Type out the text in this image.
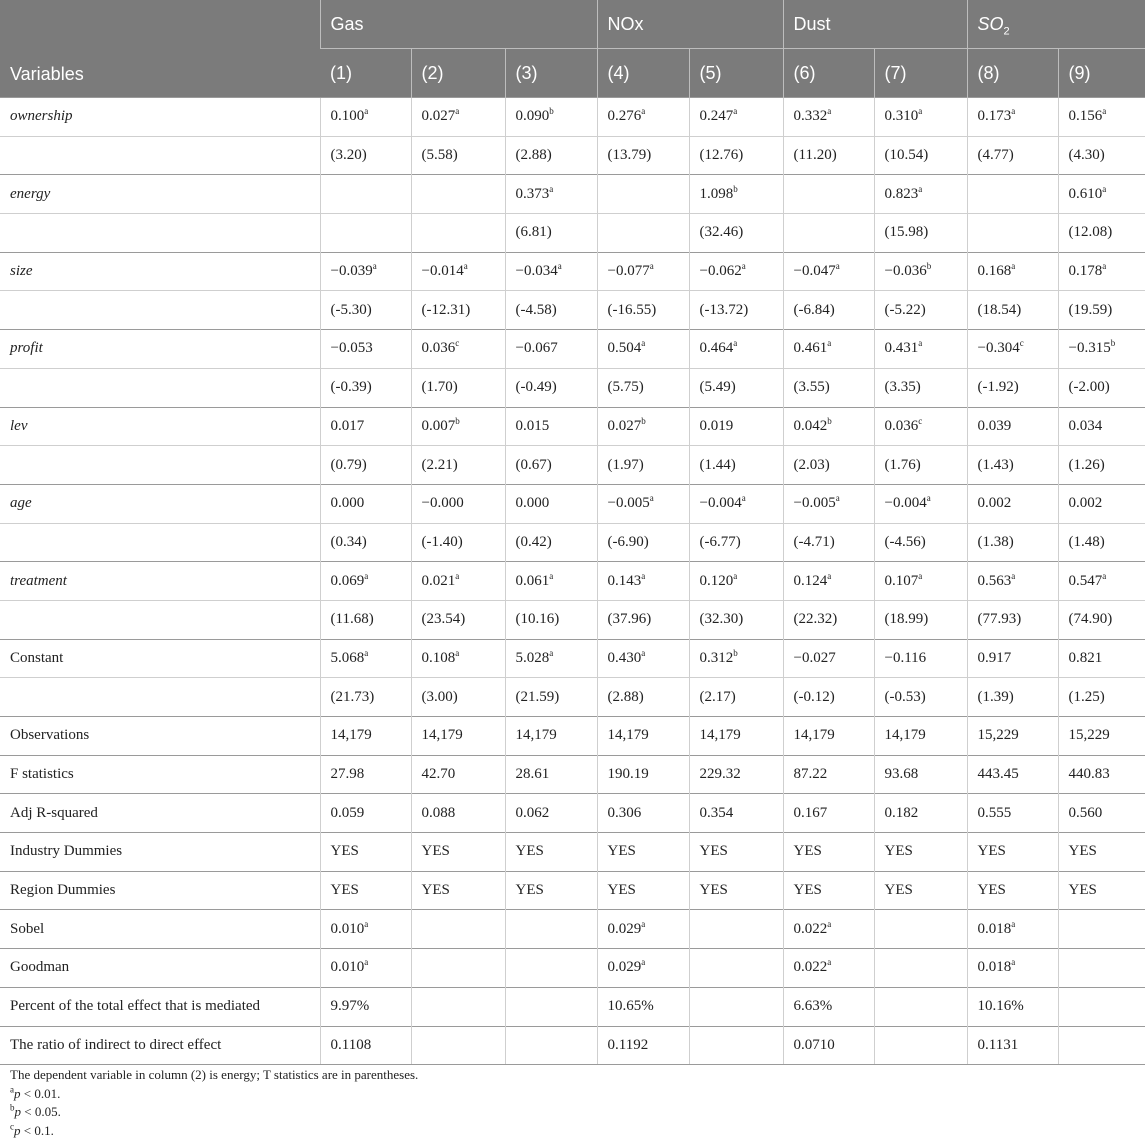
Variables	Gas			NOx		Dust		$SO_2$
	(1)	(2)	(3)	(4)	(5)	(6)	(7)	(8)	(9)
ownership	0.100$^a$	0.027$^a$	0.090$^b$	0.276$^a$	0.247$^a$	0.332$^a$	0.310$^a$	0.173$^a$	0.156$^a$
	(3.20)	(5.58)	(2.88)	(13.79)	(12.76)	(11.20)	(10.54)	(4.77)	(4.30)
energy			0.373$^a$		1.098$^b$		0.823$^a$		0.610$^a$
			(6.81)		(32.46)		(15.98)		(12.08)
size	−0.039$^a$	−0.014$^a$	−0.034$^a$	−0.077$^a$	−0.062$^a$	−0.047$^a$	−0.036$^b$	0.168$^a$	0.178$^a$
	(-5.30)	(-12.31)	(-4.58)	(-16.55)	(-13.72)	(-6.84)	(-5.22)	(18.54)	(19.59)
profit	−0.053	0.036$^c$	−0.067	0.504$^a$	0.464$^a$	0.461$^a$	0.431$^a$	−0.304$^c$	−0.315$^b$
	(-0.39)	(1.70)	(-0.49)	(5.75)	(5.49)	(3.55)	(3.35)	(-1.92)	(-2.00)
lev	0.017	0.007$^b$	0.015	0.027$^b$	0.019	0.042$^b$	0.036$^c$	0.039	0.034
	(0.79)	(2.21)	(0.67)	(1.97)	(1.44)	(2.03)	(1.76)	(1.43)	(1.26)
age	0.000	−0.000	0.000	−0.005$^a$	−0.004$^a$	−0.005$^a$	−0.004$^a$	0.002	0.002
	(0.34)	(-1.40)	(0.42)	(-6.90)	(-6.77)	(-4.71)	(-4.56)	(1.38)	(1.48)
treatment	0.069$^a$	0.021$^a$	0.061$^a$	0.143$^a$	0.120$^a$	0.124$^a$	0.107$^a$	0.563$^a$	0.547$^a$
	(11.68)	(23.54)	(10.16)	(37.96)	(32.30)	(22.32)	(18.99)	(77.93)	(74.90)
Constant	5.068$^a$	0.108$^a$	5.028$^a$	0.430$^a$	0.312$^b$	−0.027	−0.116	0.917	0.821
	(21.73)	(3.00)	(21.59)	(2.88)	(2.17)	(-0.12)	(-0.53)	(1.39)	(1.25)
Observations	14,179	14,179	14,179	14,179	14,179	14,179	14,179	15,229	15,229
F statistics	27.98	42.70	28.61	190.19	229.32	87.22	93.68	443.45	440.83
Adj R-squared	0.059	0.088	0.062	0.306	0.354	0.167	0.182	0.555	0.560
Industry Dummies	YES	YES	YES	YES	YES	YES	YES	YES	YES
Region Dummies	YES	YES	YES	YES	YES	YES	YES	YES	YES
Sobel	0.010$^a$			0.029$^a$		0.022$^a$		0.018$^a$	
Goodman	0.010$^a$			0.029$^a$		0.022$^a$		0.018$^a$	
Percent of the total effect that is mediated	9.97%			10.65%		6.63%		10.16%	
The ratio of indirect to direct effect	0.1108			0.1192		0.0710		0.1131	
The dependent variable in column (2) is energy; T statistics are in parentheses.
$^a$p < 0.01.
$^b$p < 0.05.
$^c$p < 0.1.
